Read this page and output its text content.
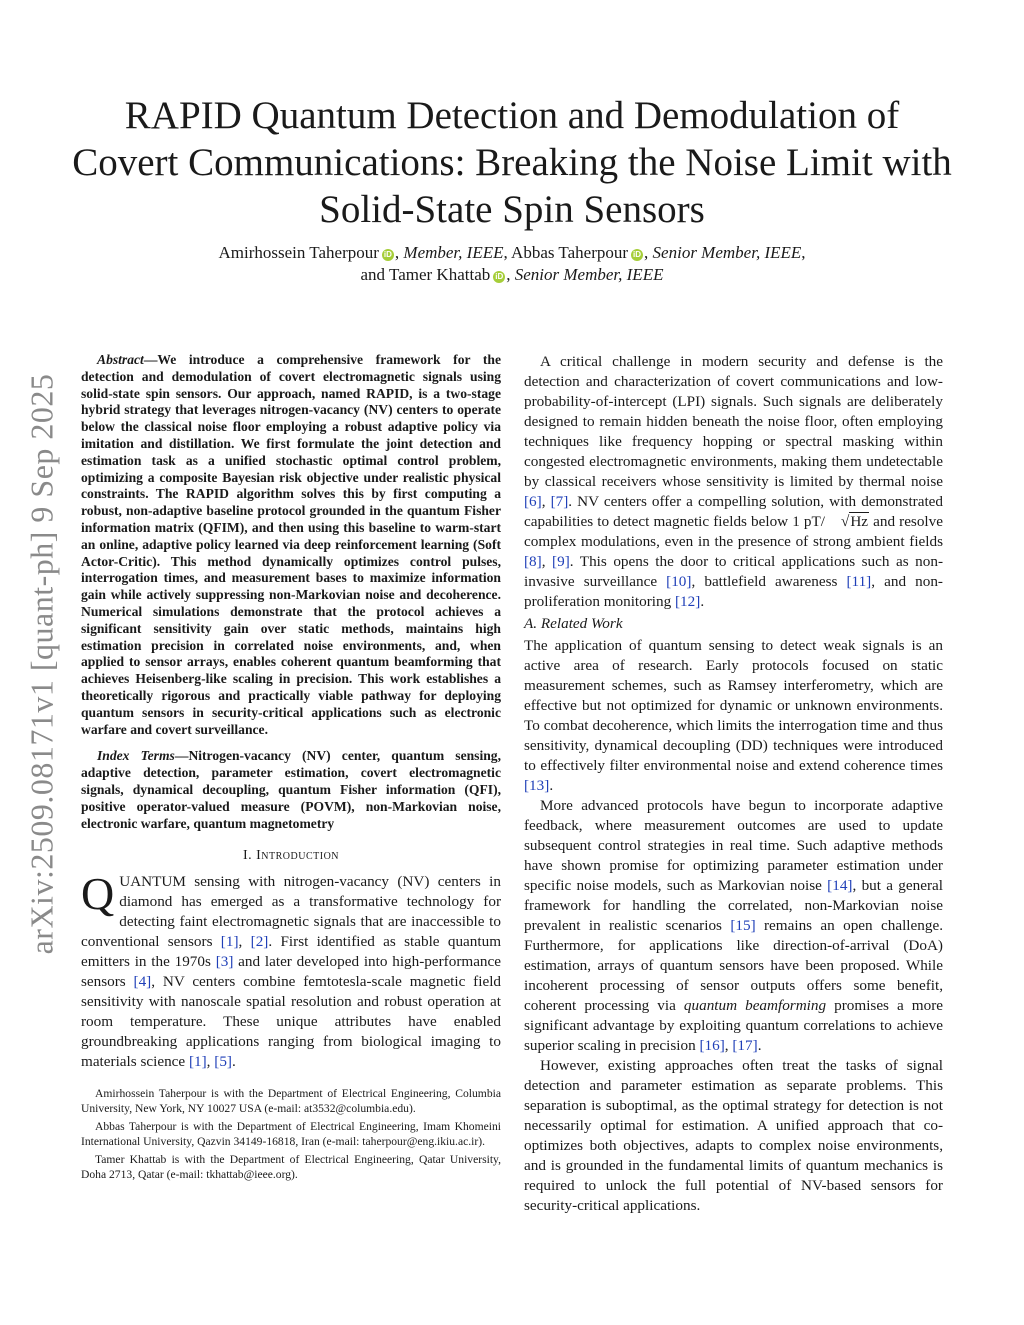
arXiv:2509.08171v1 [quant-ph] 9 Sep 2025
RAPID Quantum Detection and Demodulation of Covert Communications: Breaking the Noise Limit with Solid-State Spin Sensors
Amirhossein Taherpour iD , Member, IEEE, Abbas Taherpour iD , Senior Member, IEEE,
and Tamer Khattab iD , Senior Member, IEEE

Abstract—We introduce a comprehensive framework for the detection and demodulation of covert electromagnetic signals using solid-state spin sensors. Our approach, named RAPID, is a two-stage hybrid strategy that leverages nitrogen-vacancy (NV) centers to operate below the classical noise floor employing a robust adaptive policy via imitation and distillation. We first formulate the joint detection and estimation task as a unified stochastic optimal control problem, optimizing a composite Bayesian risk objective under realistic physical constraints. The RAPID algorithm solves this by first computing a robust, non-adaptive baseline protocol grounded in the quantum Fisher information matrix (QFIM), and then using this baseline to warm-start an online, adaptive policy learned via deep reinforcement learning (Soft Actor-Critic). This method dynamically optimizes control pulses, interrogation times, and measurement bases to maximize information gain while actively suppressing non-Markovian noise and decoherence. Numerical simulations demonstrate that the protocol achieves a significant sensitivity gain over static methods, maintains high estimation precision in correlated noise environments, and, when applied to sensor arrays, enables coherent quantum beamforming that achieves Heisenberg-like scaling in precision. This work establishes a theoretically rigorous and practically viable pathway for deploying quantum sensors in security-critical applications such as electronic warfare and covert surveillance.

Index Terms—Nitrogen-vacancy (NV) center, quantum sensing, adaptive detection, parameter estimation, covert electromagnetic signals, dynamical decoupling, quantum Fisher information (QFI), positive operator-valued measure (POVM), non-Markovian noise, electronic warfare, quantum magnetometry

I. Introduction

QUANTUM sensing with nitrogen-vacancy (NV) centers in diamond has emerged as a transformative technology for detecting faint electromagnetic signals that are inaccessible to conventional sensors [1], [2]. First identified as stable quantum emitters in the 1970s [3] and later developed into high-performance sensors [4], NV centers combine femtotesla-scale magnetic field sensitivity with nanoscale spatial resolution and robust operation at room temperature. These unique attributes have enabled groundbreaking applications ranging from biological imaging to materials science [1], [5].

Amirhossein Taherpour is with the Department of Electrical Engineering, Columbia University, New York, NY 10027 USA (e-mail: at3532@columbia.edu).

Abbas Taherpour is with the Department of Electrical Engineering, Imam Khomeini International University, Qazvin 34149-16818, Iran (e-mail: taherpour@eng.ikiu.ac.ir).

Tamer Khattab is with the Department of Electrical Engineering, Qatar University, Doha 2713, Qatar (e-mail: tkhattab@ieee.org).

A critical challenge in modern security and defense is the detection and characterization of covert communications and low-probability-of-intercept (LPI) signals. Such signals are deliberately designed to remain hidden beneath the noise floor, often employing techniques like frequency hopping or spectral masking within congested electromagnetic environments, making them undetectable by classical receivers whose sensitivity is limited by thermal noise [6], [7]. NV centers offer a compelling solution, with demonstrated capabilities to detect magnetic fields below 1 pT/ √Hz and resolve complex modulations, even in the presence of strong ambient fields [8], [9]. This opens the door to critical applications such as non-invasive surveillance [10], battlefield awareness [11], and non-proliferation monitoring [12].

A. Related Work

The application of quantum sensing to detect weak signals is an active area of research. Early protocols focused on static measurement schemes, such as Ramsey interferometry, which are effective but not optimized for dynamic or unknown environments. To combat decoherence, which limits the interrogation time and thus sensitivity, dynamical decoupling (DD) techniques were introduced to effectively filter environmental noise and extend coherence times [13].

More advanced protocols have begun to incorporate adaptive feedback, where measurement outcomes are used to update subsequent control strategies in real time. Such adaptive methods have shown promise for optimizing parameter estimation under specific noise models, such as Markovian noise [14], but a general framework for handling the correlated, non-Markovian noise prevalent in realistic scenarios [15] remains an open challenge. Furthermore, for applications like direction-of-arrival (DoA) estimation, arrays of quantum sensors have been proposed. While incoherent processing of sensor outputs offers some benefit, coherent processing via quantum beamforming promises a more significant advantage by exploiting quantum correlations to achieve superior scaling in precision [16], [17].

However, existing approaches often treat the tasks of signal detection and parameter estimation as separate problems. This separation is suboptimal, as the optimal strategy for detection is not necessarily optimal for estimation. A unified approach that co-optimizes both objectives, adapts to complex noise environments, and is grounded in the fundamental limits of quantum mechanics is required to unlock the full potential of NV-based sensors for security-critical applications.
